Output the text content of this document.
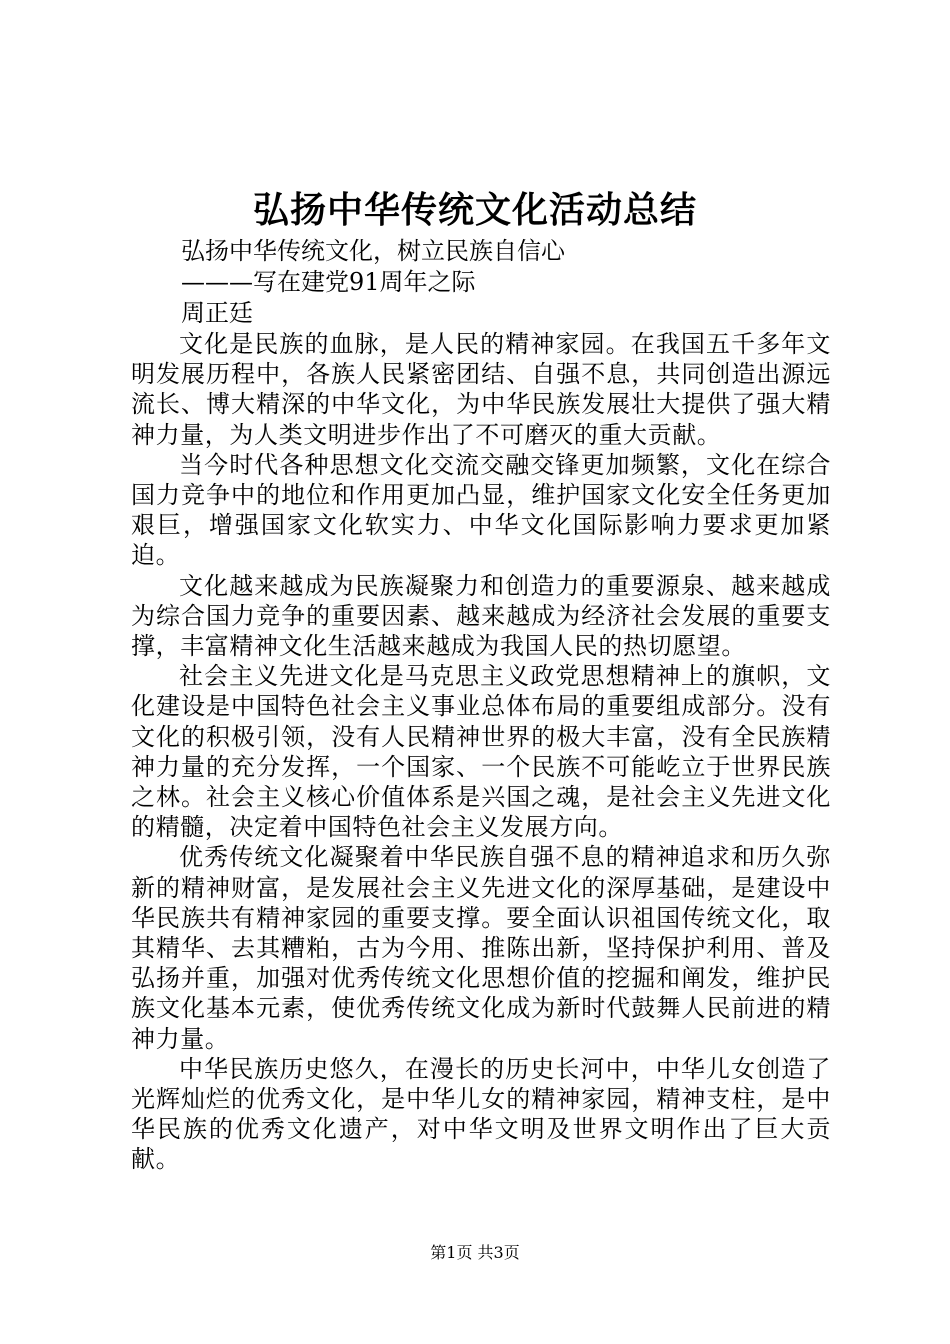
弘扬中华传统文化活动总结
弘扬中华传统文化，树立民族自信心
———写在建党91周年之际
周正廷

文化是民族的血脉，是人民的精神家园。在我国五千多年文明发展历程中，各族人民紧密团结、自强不息，共同创造出源远流长、博大精深的中华文化，为中华民族发展壮大提供了强大精神力量，为人类文明进步作出了不可磨灭的重大贡献。

当今时代各种思想文化交流交融交锋更加频繁，文化在综合国力竞争中的地位和作用更加凸显，维护国家文化安全任务更加艰巨，增强国家文化软实力、中华文化国际影响力要求更加紧迫。

文化越来越成为民族凝聚力和创造力的重要源泉、越来越成为综合国力竞争的重要因素、越来越成为经济社会发展的重要支撑，丰富精神文化生活越来越成为我国人民的热切愿望。

社会主义先进文化是马克思主义政党思想精神上的旗帜，文化建设是中国特色社会主义事业总体布局的重要组成部分。没有文化的积极引领，没有人民精神世界的极大丰富，没有全民族精神力量的充分发挥，一个国家、一个民族不可能屹立于世界民族之林。社会主义核心价值体系是兴国之魂，是社会主义先进文化的精髓，决定着中国特色社会主义发展方向。

优秀传统文化凝聚着中华民族自强不息的精神追求和历久弥新的精神财富，是发展社会主义先进文化的深厚基础，是建设中华民族共有精神家园的重要支撑。要全面认识祖国传统文化，取其精华、去其糟粕，古为今用、推陈出新，坚持保护利用、普及弘扬并重，加强对优秀传统文化思想价值的挖掘和阐发，维护民族文化基本元素，使优秀传统文化成为新时代鼓舞人民前进的精神力量。

中华民族历史悠久，在漫长的历史长河中，中华儿女创造了光辉灿烂的优秀文化，是中华儿女的精神家园，精神支柱，是中华民族的优秀文化遗产，对中华文明及世界文明作出了巨大贡献。

第1页 共3页
